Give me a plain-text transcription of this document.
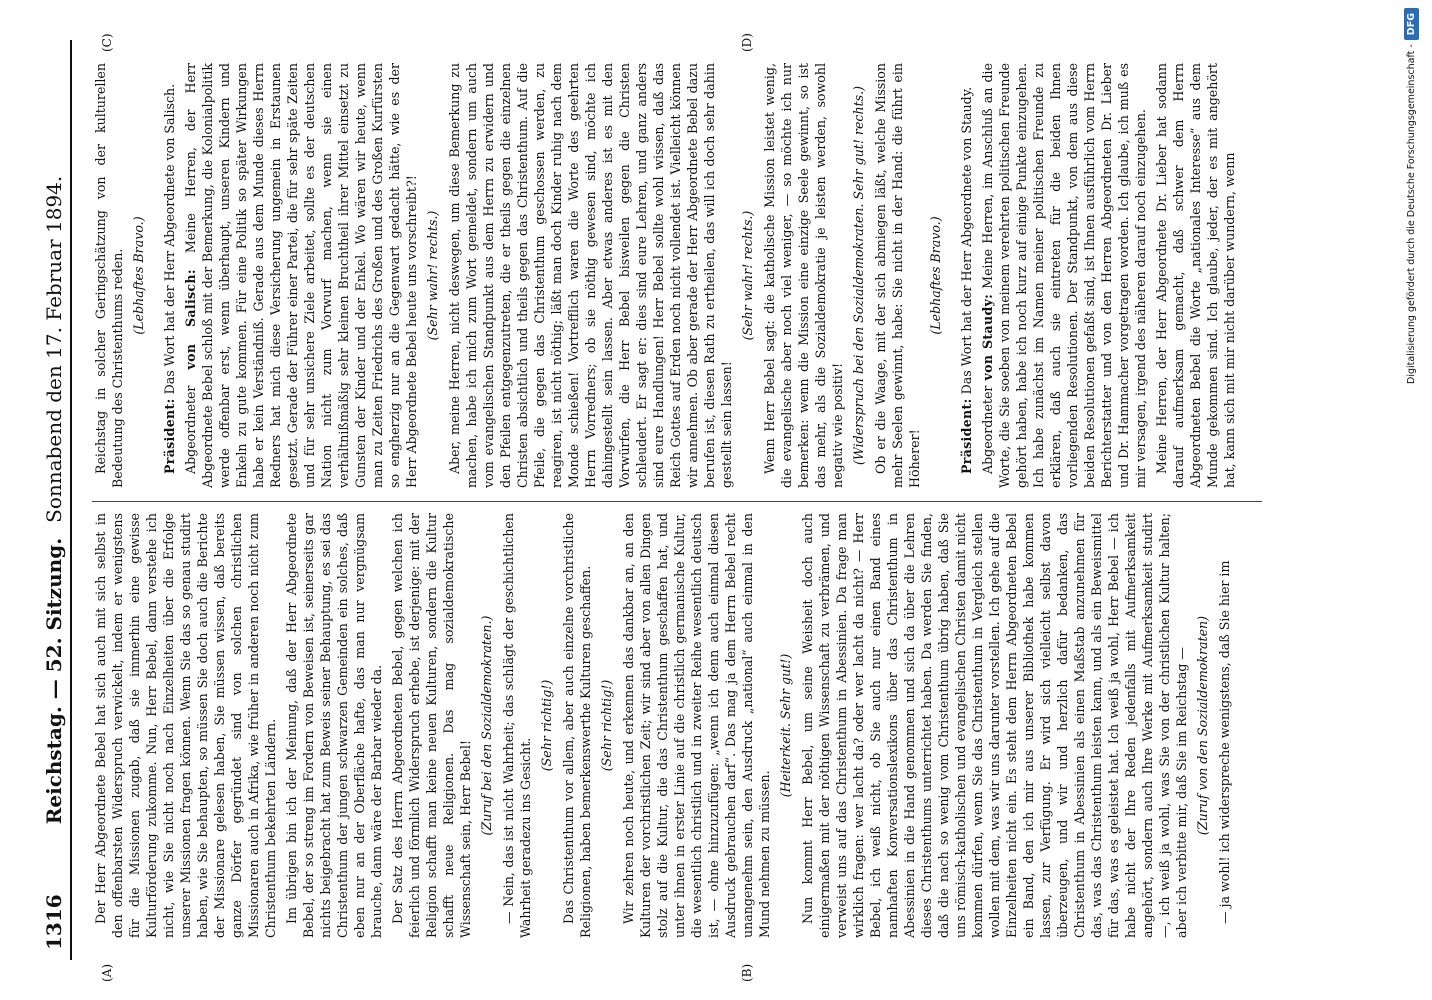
1316
Reichstag. — 52. Sitzung. Sonnabend den 17. Februar 1894.
(A)	(B)
(C)	(D)

Der Herr Abgeordnete Bebel hat sich auch mit sich selbst in den offenbarsten Widerspruch verwickelt, indem er wenigstens für die Missionen zugab, daß sie immerhin eine gewisse Kulturförderung zukomme. Nun, Herr Bebel, dann verstehe ich nicht, wie Sie nicht noch nach Einzelheiten über die Erfolge unserer Missionen fragen können. Wenn Sie das so genau studirt haben, wie Sie behaupten, so müssen Sie doch auch die Berichte der Missionare gelesen haben, Sie müssen wissen, daß bereits ganze Dörfer gegründet sind von solchen christlichen Missionaren auch in Afrika, wie früher in anderen noch nicht zum Christenthum bekehrten Ländern. Im übrigen bin ich der Meinung, daß der Herr Abgeordnete Bebel, der so streng im Fordern von Beweisen ist, seinerseits gar nichts beigebracht hat zum Beweis seiner Behauptung, es sei das Christenthum der jungen schwarzen Gemeinden ein solches, daß eben nur an der Oberfläche hafte, das man nur vergnügsam brauche, dann wäre der Barbar wieder da. Der Satz des Herrn Abgeordneten Bebel, gegen welchen ich feierlich und förmlich Widerspruch erhebe, ist derjenige: mit der Religion schafft man keine neuen Kulturen, sondern die Kultur schafft neue Religionen. Das mag sozialdemokratische Wissenschaft sein, Herr Bebel!

(Zuruf bei den Sozialdemokraten.) — Nein, das ist nicht Wahrheit; das schlägt der geschichtlichen Wahrheit geradezu ins Gesicht.

(Sehr richtig!) Das Christenthum vor allem, aber auch einzelne vorchristliche Religionen, haben bemerkenswerthe Kulturen geschaffen. (Sehr richtig!) Wir zehren noch heute, und erkennen das dankbar an, an den Kulturen der vorchristlichen Zeit; wir sind aber von allen Dingen stolz auf die Kultur, die das Christenthum geschaffen hat, und unter ihnen in erster Linie auf die christlich germanische Kultur, die wesentlich christlich und in zweiter Reihe wesentlich deutsch ist, — ohne hinzuzufügen: „wenn ich denn auch einmal diesen Ausdruck gebrauchen darf“. Das mag ja dem Herrn Bebel recht unangenehm sein, den Ausdruck „national“ auch einmal in den Mund nehmen zu müssen.

(Heiterkeit. Sehr gut!) Nun kommt Herr Bebel, um seine Weisheit doch auch einigermaßen mit der nöthigen Wissenschaft zu verbrämen, und verweist uns auf das Christenthum in Abessinien. Da frage man wirklich fragen: wer lacht da? oder wer lacht da nicht? — Herr Bebel, ich weiß nicht, ob Sie auch nur einen Band eines namhaften Konversationslexikons über das Christenthum in Abessinien in die Hand genommen und sich da über die Lehren dieses Christenthums unterrichtet haben. Da werden Sie finden, daß die nach so wenig vom Christenthum übrig haben, daß Sie uns römisch-katholischen und evangelischen Christen damit nicht kommen dürfen, wenn Sie das Christenthum in Vergleich stellen wollen mit dem, was wir uns darunter vorstellen. Ich gehe auf die Einzelheiten nicht ein. Es steht dem Herrn Abgeordneten Bebel ein Band, den ich mir aus unserer Bibliothek habe kommen lassen, zur Verfügung. Er wird sich vielleicht selbst davon überzeugen, und wir und herzlich dafür bedanken, das Christenthum in Abessinien als einen Maßstab anzunehmen für das, was das Christenthum leisten kann, und als ein Beweismittel für das, was es geleistet hat. Ich weiß ja wohl, Herr Bebel — ich habe nicht der Ihre Reden jedenfalls mit Aufmerksamkeit angehört, sondern auch Ihre Werke mit Aufmerksamkeit studirt —, ich weiß ja wohl, was Sie von der christlichen Kultur halten; aber ich verbitte mir, daß Sie im Reichstag — (Zuruf von den Sozialdemokraten) — ja wohl! ich widerspreche wenigstens, daß Sie hier im

Reichstag in solcher Geringschätzung von der kulturellen Bedeutung des Christenthums reden. (Lebhaftes Bravo.)

Präsident: Das Wort hat der Herr Abgeordnete von Salisch.

Abgeordneter von Salisch: Meine Herren, der Herr Abgeordnete Bebel schloß mit der Bemerkung, die Kolonialpolitik werde offenbar erst, wenn überhaupt, unseren Kindern und Enkeln zu gute kommen. Für eine Politik so später Wirkungen habe er kein Verständniß. Gerade aus dem Munde dieses Herrn Redners hat mich diese Versicherung ungemein in Erstaunen gesetzt. Gerade der Führer einer Partei, die für sehr späte Zeiten und für sehr unsichere Ziele arbeitet, sollte es der deutschen Nation nicht zum Vorwurf machen, wenn sie einen verhältnißmäßig sehr kleinen Bruchtheil ihrer Mittel einsetzt zu Gunsten der Kinder und der Enkel. Wo wären wir heute, wenn man zu Zeiten Friedrichs des Großen und des Großen Kurfürsten so engherzig nur an die Gegenwart gedacht hätte, wie es der Herr Abgeordnete Bebel heute uns vorschreibt?! (Sehr wahr! rechts.) Aber, meine Herren, nicht deswegen, um diese Bemerkung zu machen, habe ich mich zum Wort gemeldet, sondern um auch vom evangelischen Standpunkt aus dem Herrn zu erwidern und den Pfeilen entgegenzutreten, die er theils gegen die einzelnen Christen absichtlich und theils gegen das Christenthum. Auf die Pfeile, die gegen das Christenthum geschossen werden, zu reagiren, ist nicht nöthig; läßt man doch Kinder ruhig nach dem Monde schießen! Vortrefflich waren die Worte des geehrten Herrn Vorredners; ob sie nöthig gewesen sind, möchte ich dahingestellt sein lassen. Aber etwas anderes ist es mit den Vorwürfen, die Herr Bebel bisweilen gegen die Christen schleudert. Er sagt er: dies sind eure Lehren, und ganz anders sind eure Handlungen! Herr Bebel sollte wohl wissen, daß das Reich Gottes auf Erden noch nicht vollendet ist. Vielleicht können wir annehmen. Ob aber gerade der Herr Abgeordnete Bebel dazu berufen ist, diesen Rath zu ertheilen, das will ich doch sehr dahin gestellt sein lassen!

(Sehr wahr! rechts.) Wenn Herr Bebel sagt: die katholische Mission leistet wenig, die evangelische aber noch viel weniger, — so möchte ich nur bemerken: wenn die Mission eine einzige Seele gewinnt, so ist das mehr, als die Sozialdemokratie je leisten werden, sowohl negativ wie positiv! (Widerspruch bei den Sozialdemokraten. Sehr gut! rechts.) Ob er die Waage, mit der sich abmiegen läßt, welche Mission mehr Seelen gewinnt, habe: Sie nicht in der Hand: die führt ein Höherer!

(Lebhaftes Bravo.)

Präsident: Das Wort hat der Herr Abgeordnete von Staudy.

Abgeordneter von Staudy: Meine Herren, im Anschluß an die Worte, die Sie soeben von meinem verehrten politischen Freunde gehört haben, habe ich noch kurz auf einige Punkte einzugehen. Ich habe zunächst im Namen meiner politischen Freunde zu erklären, daß auch sie eintreten für die beiden Ihnen vorliegenden Resolutionen. Der Standpunkt, von dem aus diese beiden Resolutionen gefaßt sind, ist Ihnen ausführlich vom Herrn Berichterstatter und von den Herren Abgeordneten Dr. Lieber und Dr. Hammacher vorgetragen worden. Ich glaube, ich muß es mir versagen, irgend des näheren darauf noch einzugehen. Meine Herren, der Herr Abgeordnete Dr. Lieber hat sodann darauf aufmerksam gemacht, daß schwer dem Herrn Abgeordneten Bebel die Worte „nationales Interesse“ aus dem Munde gekommen sind. Ich glaube, jeder, der es mit angehört hat, kann sich mit mir nicht darüber wundern, wenn	Digitalisierung gefördert durch die Deutsche Forschungsgemeinschaft -DFG
